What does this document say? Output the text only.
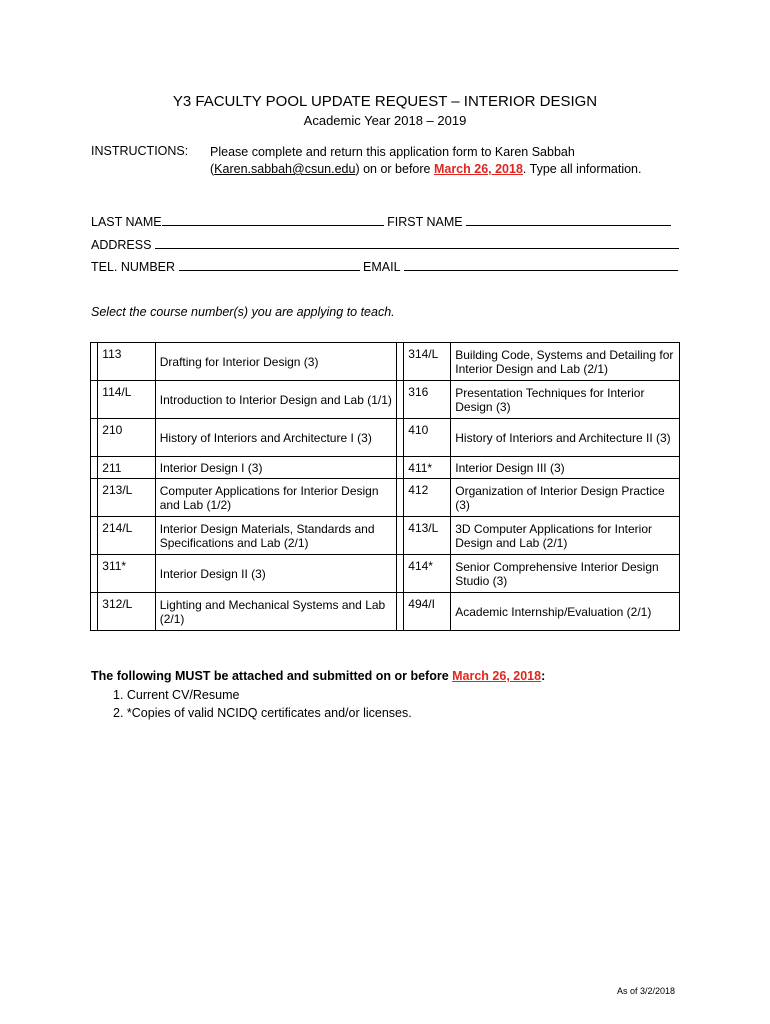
Y3 FACULTY POOL UPDATE REQUEST – INTERIOR DESIGN
Academic Year 2018 – 2019
INSTRUCTIONS: Please complete and return this application form to Karen Sabbah
(Karen.sabbah@csun.edu) on or before March 26, 2018. Type all information.
LAST NAME	FIRST NAME
ADDRESS
TEL. NUMBER	EMAIL
Select the course number(s) you are applying to teach.
	113	Drafting for Interior Design (3)		314/L	Building Code, Systems and Detailing for Interior Design and Lab (2/1)
	114/L	Introduction to Interior Design and Lab (1/1)		316	Presentation Techniques for Interior Design (3)
	210	History of Interiors and Architecture I (3)		410	History of Interiors and Architecture II (3)
	211	Interior Design I (3)		411*	Interior Design III (3)
	213/L	Computer Applications for Interior Design and Lab (1/2)		412	Organization of Interior Design Practice (3)
	214/L	Interior Design Materials, Standards and Specifications and Lab (2/1)		413/L	3D Computer Applications for Interior Design and Lab (2/1)
	311*	Interior Design II (3)		414*	Senior Comprehensive Interior Design Studio (3)
	312/L	Lighting and Mechanical Systems and Lab (2/1)		494/I	Academic Internship/Evaluation (2/1)
The following MUST be attached and submitted on or before March 26, 2018:
1. Current CV/Resume
2. *Copies of valid NCIDQ certificates and/or licenses.
As of 3/2/2018
